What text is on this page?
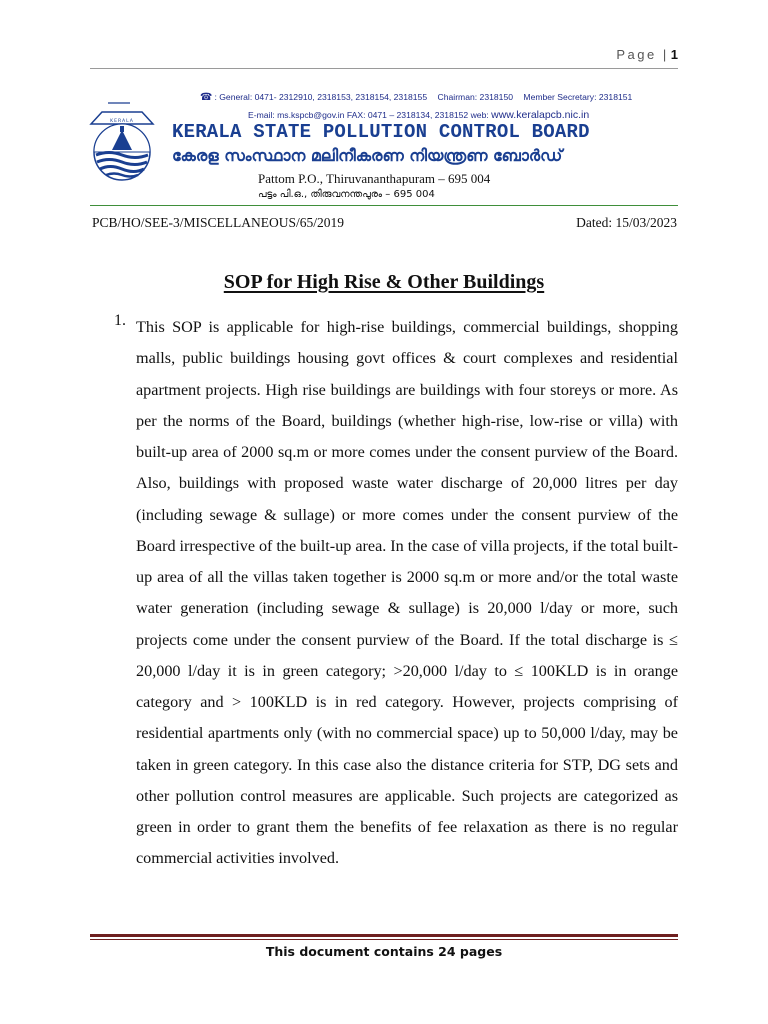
Page | 1
KERALA
☎ : General: 0471- 2312910, 2318153, 2318154, 2318155 Chairman: 2318150 Member Secretary: 2318151
E-mail: ms.kspcb@gov.in FAX: 0471 – 2318134, 2318152 web: www.keralapcb.nic.in
KERALA STATE POLLUTION CONTROL BOARD
കേരള സംസ്ഥാന മലിനീകരണ നിയന്ത്രണ ബോർഡ്
Pattom P.O., Thiruvananthapuram – 695 004
പട്ടം പി.ഒ., തിരുവനന്തപുരം – 695 004
PCB/HO/SEE-3/MISCELLANEOUS/65/2019	Dated: 15/03/2023
SOP for High Rise & Other Buildings
1. This SOP is applicable for high-rise buildings, commercial buildings, shopping malls, public buildings housing govt offices & court complexes and residential apartment projects. High rise buildings are buildings with four storeys or more. As per the norms of the Board, buildings (whether high-rise, low-rise or villa) with built-up area of 2000 sq.m or more comes under the consent purview of the Board. Also, buildings with proposed waste water discharge of 20,000 litres per day (including sewage & sullage) or more comes under the consent purview of the Board irrespective of the built-up area. In the case of villa projects, if the total built-up area of all the villas taken together is 2000 sq.m or more and/or the total waste water generation (including sewage & sullage) is 20,000 l/day or more, such projects come under the consent purview of the Board. If the total discharge is ≤ 20,000 l/day it is in green category; >20,000 l/day to ≤ 100KLD is in orange category and > 100KLD is in red category. However, projects comprising of residential apartments only (with no commercial space) up to 50,000 l/day, may be taken in green category. In this case also the distance criteria for STP, DG sets and other pollution control measures are applicable. Such projects are categorized as green in order to grant them the benefits of fee relaxation as there is no regular commercial activities involved.

This document contains 24 pages
